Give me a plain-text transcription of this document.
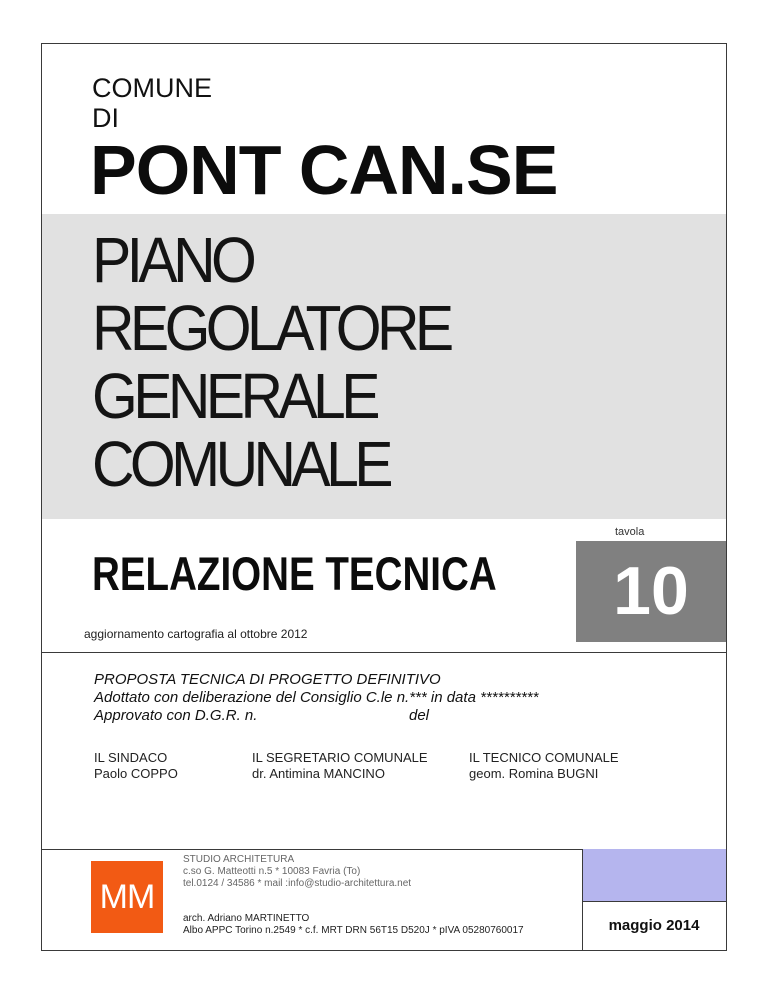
COMUNE
DI
PONT CAN.SE
PIANO
REGOLATORE
GENERALE
COMUNALE
tavola
10
RELAZIONE TECNICA
aggiornamento cartografia al ottobre 2012
PROPOSTA TECNICA DI PROGETTO DEFINITIVO
Adottato con deliberazione del Consiglio C.le n.*** in data **********
Approvato con D.G.R. n.	del
IL SINDACO
Paolo COPPO
IL SEGRETARIO COMUNALE
dr. Antimina MANCINO
IL TECNICO COMUNALE
geom. Romina BUGNI
MM
STUDIO ARCHITETURA
c.so G. Matteotti n.5 * 10083 Favria (To)
tel.0124 / 34586 * mail :info@studio-architettura.net
arch. Adriano MARTINETTO
Albo APPC Torino n.2549 * c.f. MRT DRN 56T15 D520J * pIVA 05280760017	maggio 2014
